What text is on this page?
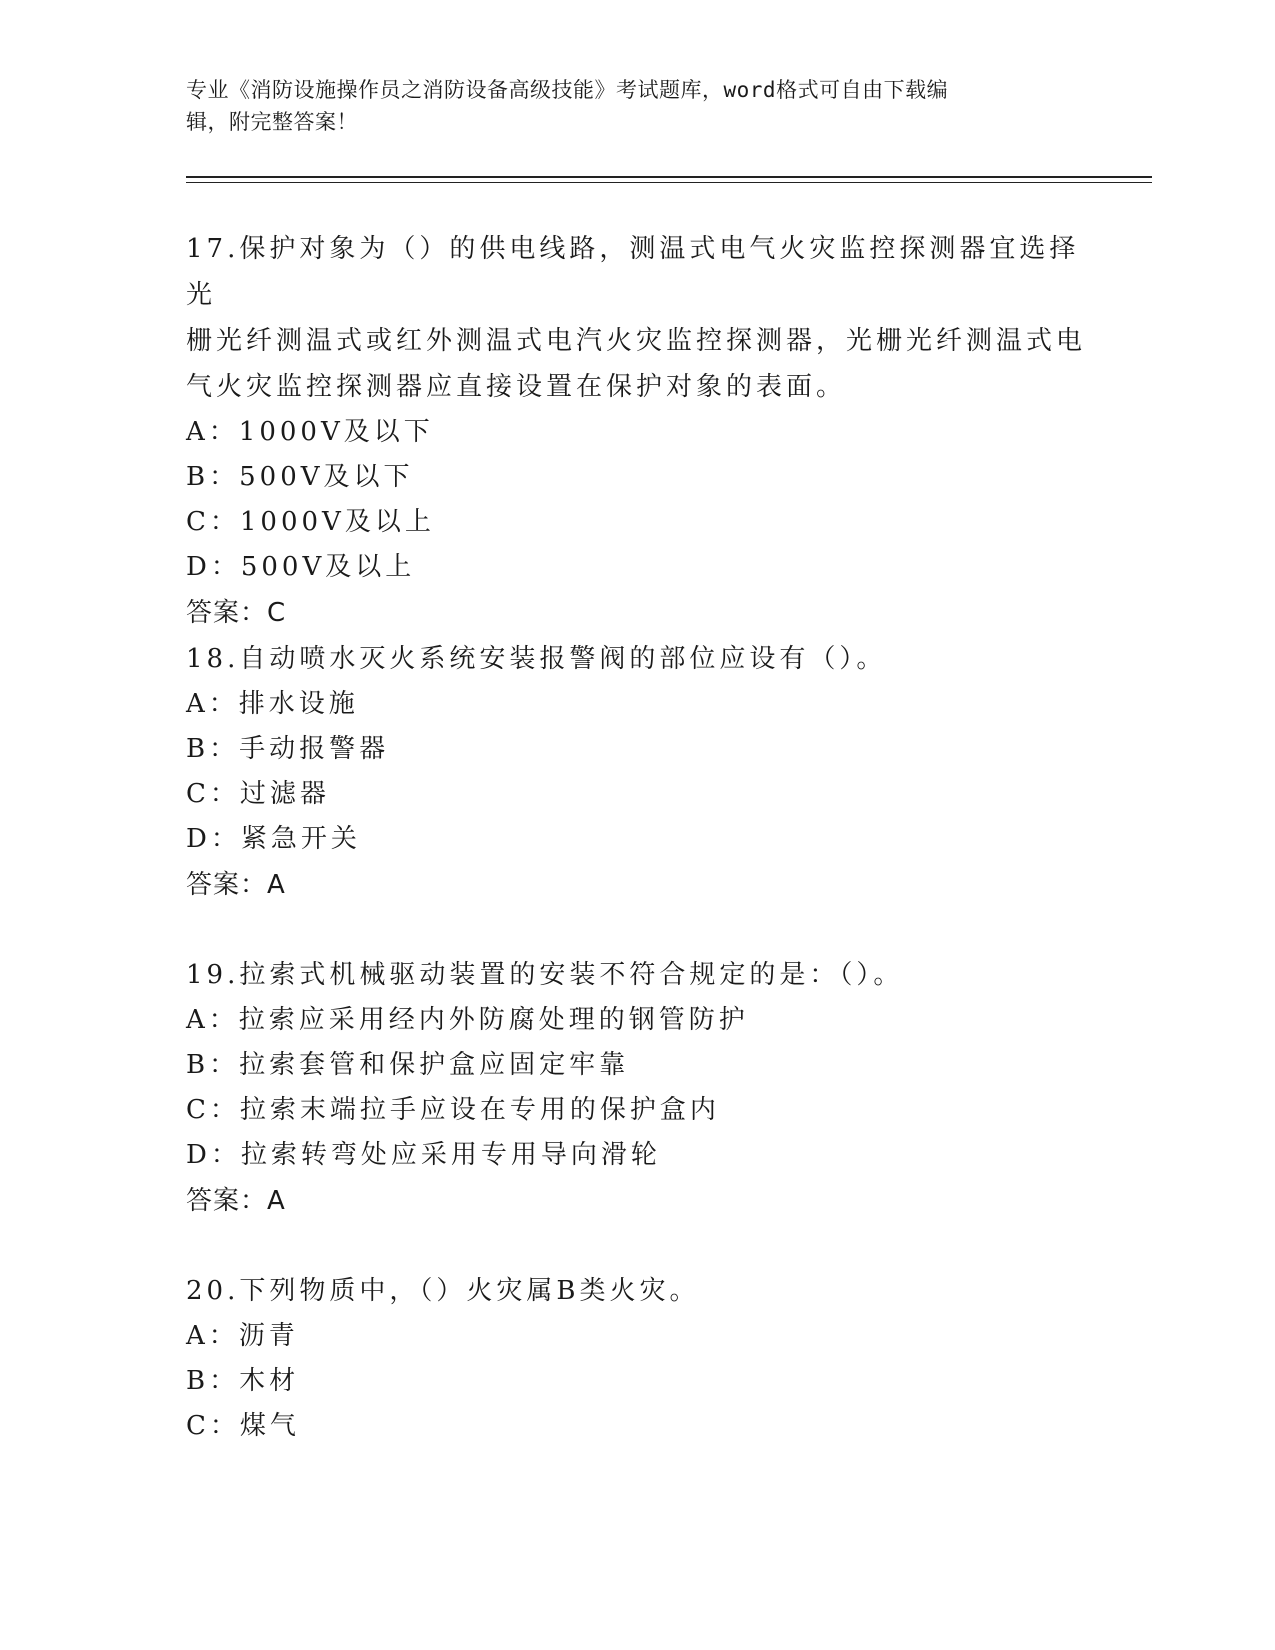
专业《消防设施操作员之消防设备高级技能》考试题库，word格式可自由下载编
辑，附完整答案！

17.保护对象为（）的供电线路，测温式电气火灾监控探测器宜选择光

栅光纤测温式或红外测温式电汽火灾监控探测器，光栅光纤测温式电

气火灾监控探测器应直接设置在保护对象的表面。

A：1000V及以下

B：500V及以下

C：1000V及以上

D：500V及以上

答案：C

18.自动喷水灭火系统安装报警阀的部位应设有（）。

A：排水设施

B：手动报警器

C：过滤器

D：紧急开关

答案：A

19.拉索式机械驱动装置的安装不符合规定的是：（）。

A：拉索应采用经内外防腐处理的钢管防护

B：拉索套管和保护盒应固定牢靠

C：拉索末端拉手应设在专用的保护盒内

D：拉索转弯处应采用专用导向滑轮

答案：A

20.下列物质中，（）火灾属B类火灾。

A：沥青

B：木材

C：煤气
